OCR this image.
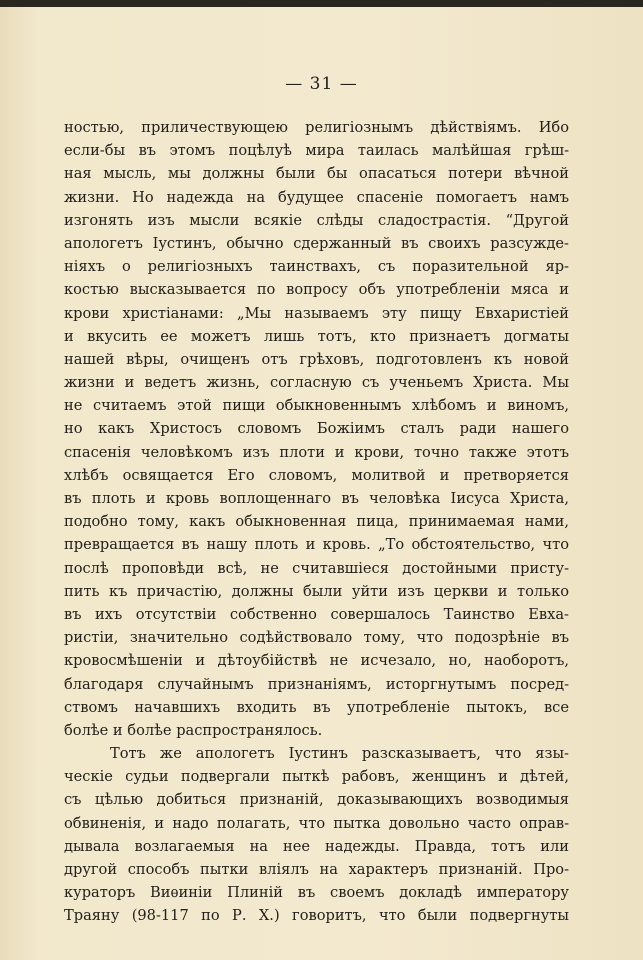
— 31 —
ностью, приличествующею религіознымъ дѣйствіямъ. Ибо
если-бы въ этомъ поцѣлуѣ мира таилась малѣйшая грѣш-
ная мысль, мы должны были бы опасаться потери вѣчной
жизни. Но надежда на будущее спасеніе помогаетъ намъ
изгонять изъ мысли всякіе слѣды сладострастія. “Другой
апологетъ Іустинъ, обычно сдержанный въ своихъ разсужде-
ніяхъ о религіозныхъ таинствахъ, съ поразительной яр-
костью высказывается по вопросу объ употребленіи мяса и
крови христіанами: „Мы называемъ эту пищу Евхаристіей
и вкусить ее можетъ лишь тотъ, кто признаетъ догматы
нашей вѣры, очищенъ отъ грѣховъ, подготовленъ къ новой
жизни и ведетъ жизнь, согласную съ ученьемъ Христа. Мы
не считаемъ этой пищи обыкновеннымъ хлѣбомъ и виномъ,
но какъ Христосъ словомъ Божіимъ сталъ ради нашего
спасенія человѣкомъ изъ плоти и крови, точно также этотъ
хлѣбъ освящается Его словомъ, молитвой и претворяется
въ плоть и кровь воплощеннаго въ человѣка Іисуса Христа,
подобно тому, какъ обыкновенная пица, принимаемая нами,
превращается въ нашу плоть и кровь. „То обстоятельство, что
послѣ проповѣди всѣ, не считавшіеся достойными присту-
пить къ причастію, должны были уйти изъ церкви и только
въ ихъ отсутствіи собственно совершалось Таинство Евха-
ристіи, значительно содѣйствовало тому, что подозрѣніе въ
кровосмѣшеніи и дѣтоубійствѣ не исчезало, но, наоборотъ,
благодаря случайнымъ признаніямъ, исторгнутымъ посред-
ствомъ начавшихъ входить въ употребленіе пытокъ, все
болѣе и болѣе распространялось.
Тотъ же апологетъ Іустинъ разсказываетъ, что язы-
ческіе судьи подвергали пыткѣ рабовъ, женщинъ и дѣтей,
съ цѣлью добиться признаній, доказывающихъ возводимыя
обвиненія, и надо полагать, что пытка довольно часто оправ-
дывала возлагаемыя на нее надежды. Правда, тотъ или
другой способъ пытки вліялъ на характеръ признаній. Про-
кураторъ Виѳиніи Плиній въ своемъ докладѣ императору
Траяну (98-117 по Р. Х.) говоритъ, что были подвергнуты
